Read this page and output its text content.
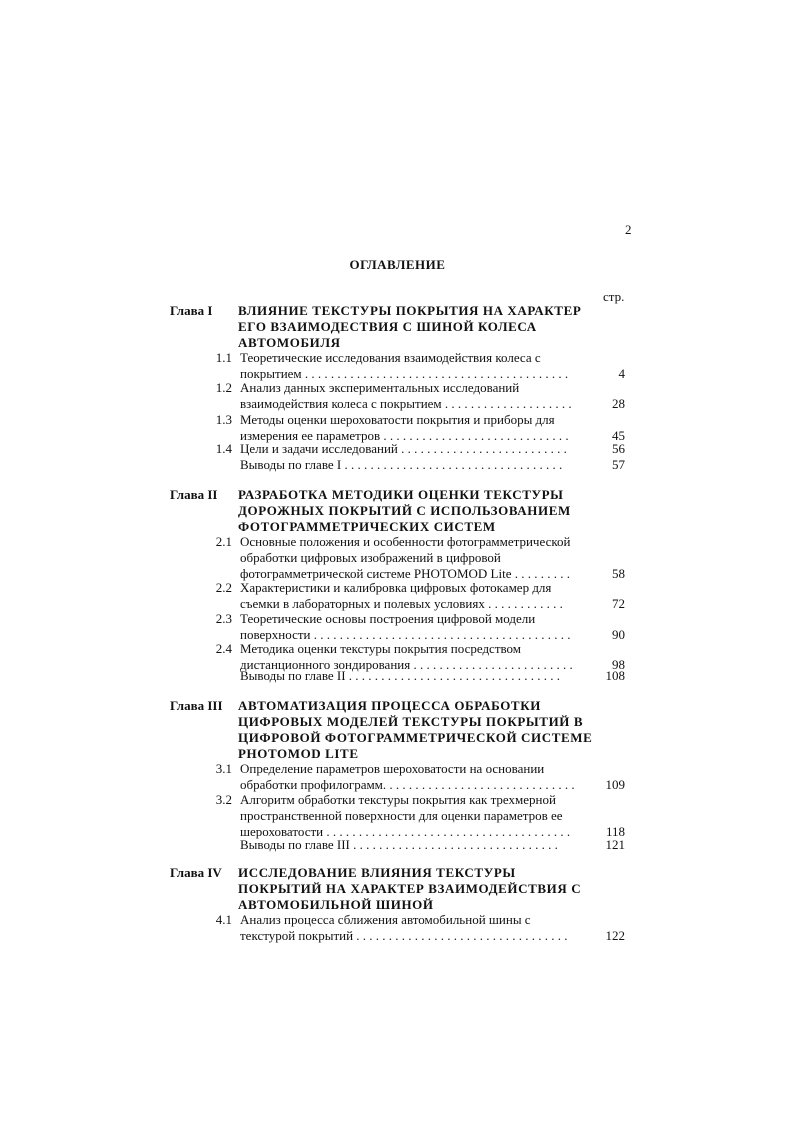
2
ОГЛАВЛЕНИЕ
стр.
Глава I ВЛИЯНИЕ ТЕКСТУРЫ ПОКРЫТИЯ НА ХАРАКТЕР
ЕГО ВЗАИМОДЕСТВИЯ С ШИНОЙ КОЛЕСА
АВТОМОБИЛЯ
1.1 Теоретические исследования взаимодействия колеса с
покрытием . . . . . . . . . . . . . . . . . . . . . . . . . . . . . . . . . . . . . . . . .	4
1.2 Анализ данных экспериментальных исследований
взаимодействия колеса с покрытием . . . . . . . . . . . . . . . . . . . .	28
1.3 Методы оценки шероховатости покрытия и приборы для
измерения ее параметров . . . . . . . . . . . . . . . . . . . . . . . . . . . . .	45
1.4 Цели и задачи исследований . . . . . . . . . . . . . . . . . . . . . . . . . .	56
Выводы по главе I . . . . . . . . . . . . . . . . . . . . . . . . . . . . . . . . . .	57
Глава II РАЗРАБОТКА МЕТОДИКИ ОЦЕНКИ ТЕКСТУРЫ
ДОРОЖНЫХ ПОКРЫТИЙ С ИСПОЛЬЗОВАНИЕМ
ФОТОГРАММЕТРИЧЕСКИХ СИСТЕМ
2.1 Основные положения и особенности фотограмметрической
обработки цифровых изображений в цифровой
фотограмметрической системе PHOTOMOD Lite . . . . . . . . .	58
2.2 Характеристики и калибровка цифровых фотокамер для
съемки в лабораторных и полевых условиях . . . . . . . . . . . .	72
2.3 Теоретические основы построения цифровой модели
поверхности . . . . . . . . . . . . . . . . . . . . . . . . . . . . . . . . . . . . . . . .	90
2.4 Методика оценки текстуры покрытия посредством
дистанционного зондирования . . . . . . . . . . . . . . . . . . . . . . . . .	98
Выводы по главе II . . . . . . . . . . . . . . . . . . . . . . . . . . . . . . . . .	108
Глава III АВТОМАТИЗАЦИЯ ПРОЦЕССА ОБРАБОТКИ
ЦИФРОВЫХ МОДЕЛЕЙ ТЕКСТУРЫ ПОКРЫТИЙ В
ЦИФРОВОЙ ФОТОГРАММЕТРИЧЕСКОЙ СИСТЕМЕ
PHOTOMOD LITE
3.1 Определение параметров шероховатости на основании
обработки профилограмм. . . . . . . . . . . . . . . . . . . . . . . . . . . . . .	109
3.2 Алгоритм обработки текстуры покрытия как трехмерной
пространственной поверхности для оценки параметров ее
шероховатости . . . . . . . . . . . . . . . . . . . . . . . . . . . . . . . . . . . . . .	118
Выводы по главе III . . . . . . . . . . . . . . . . . . . . . . . . . . . . . . . .	121
Глава IV ИССЛЕДОВАНИЕ ВЛИЯНИЯ ТЕКСТУРЫ
ПОКРЫТИЙ НА ХАРАКТЕР ВЗАИМОДЕЙСТВИЯ С
АВТОМОБИЛЬНОЙ ШИНОЙ
4.1 Анализ процесса сближения автомобильной шины с
текстурой покрытий . . . . . . . . . . . . . . . . . . . . . . . . . . . . . . . . .	122
